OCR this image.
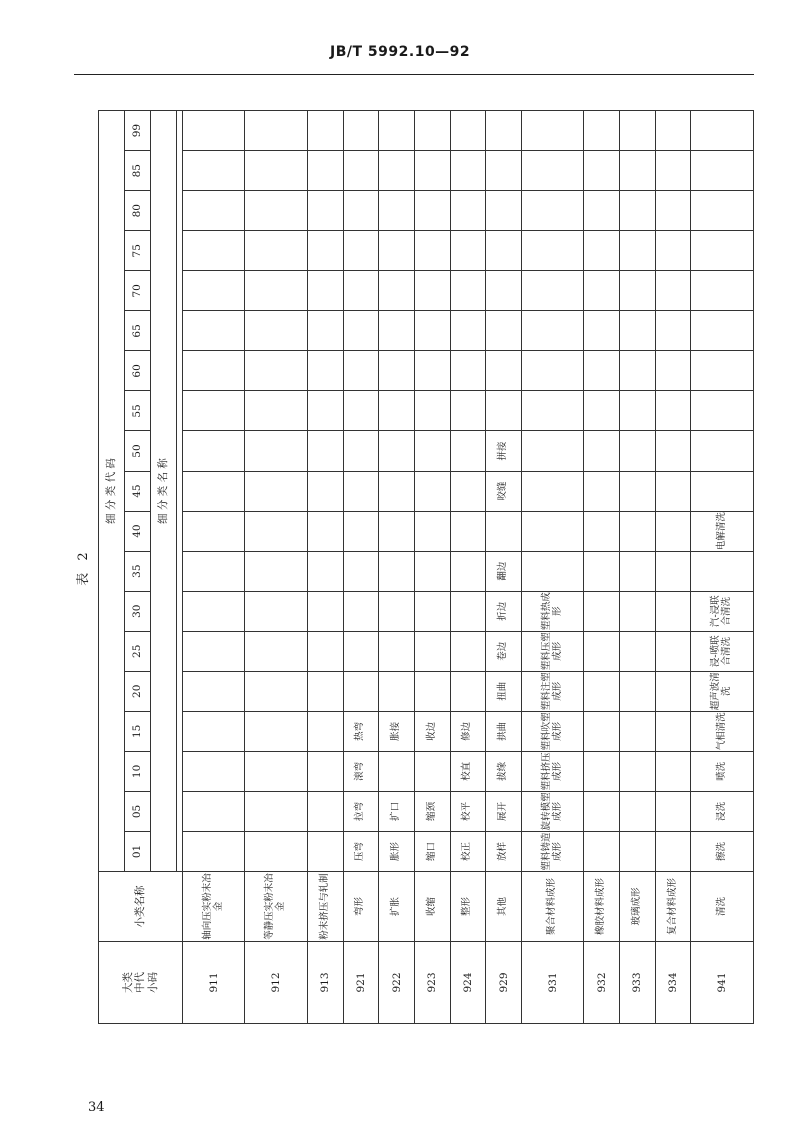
JB/T 5992.10—92
表 2
大类
中代
小码	小类名称	细 分 类 代 码																		
		01	05	10	15	20	25	30	35	40	45	50	55	60	65	70	75	80	85	99
		细 分 类 名 称																		

911	轴向压实粉末冶金																			
912	等静压实粉末冶金																			
913	粉末挤压与轧制																			
921	弯形	压弯	拉弯	滚弯	热弯															
922	扩胀	胀形	扩口		胀接															
923	收缩	缩口	缩颈		收边															
924	整形	校正	校平	校直	修边															
929	其他	放样	展开	拔缘	拱曲	扭曲	卷边	折边	翻边		咬缝	拼接								
931	聚合材料成形	塑料铸造成形	旋转模塑成形	塑料挤压成形	塑料吹塑成形	塑料注塑成形	塑料压塑成形	塑料热成形												
932	橡胶材料成形																			
933	玻璃成形																			
934	复合材料成形																			
941	清洗	擦洗	浸洗	喷洗	气相清洗	超声波清洗	浸-喷联合清洗	汽-浸联合清洗		电解清洗										
34
